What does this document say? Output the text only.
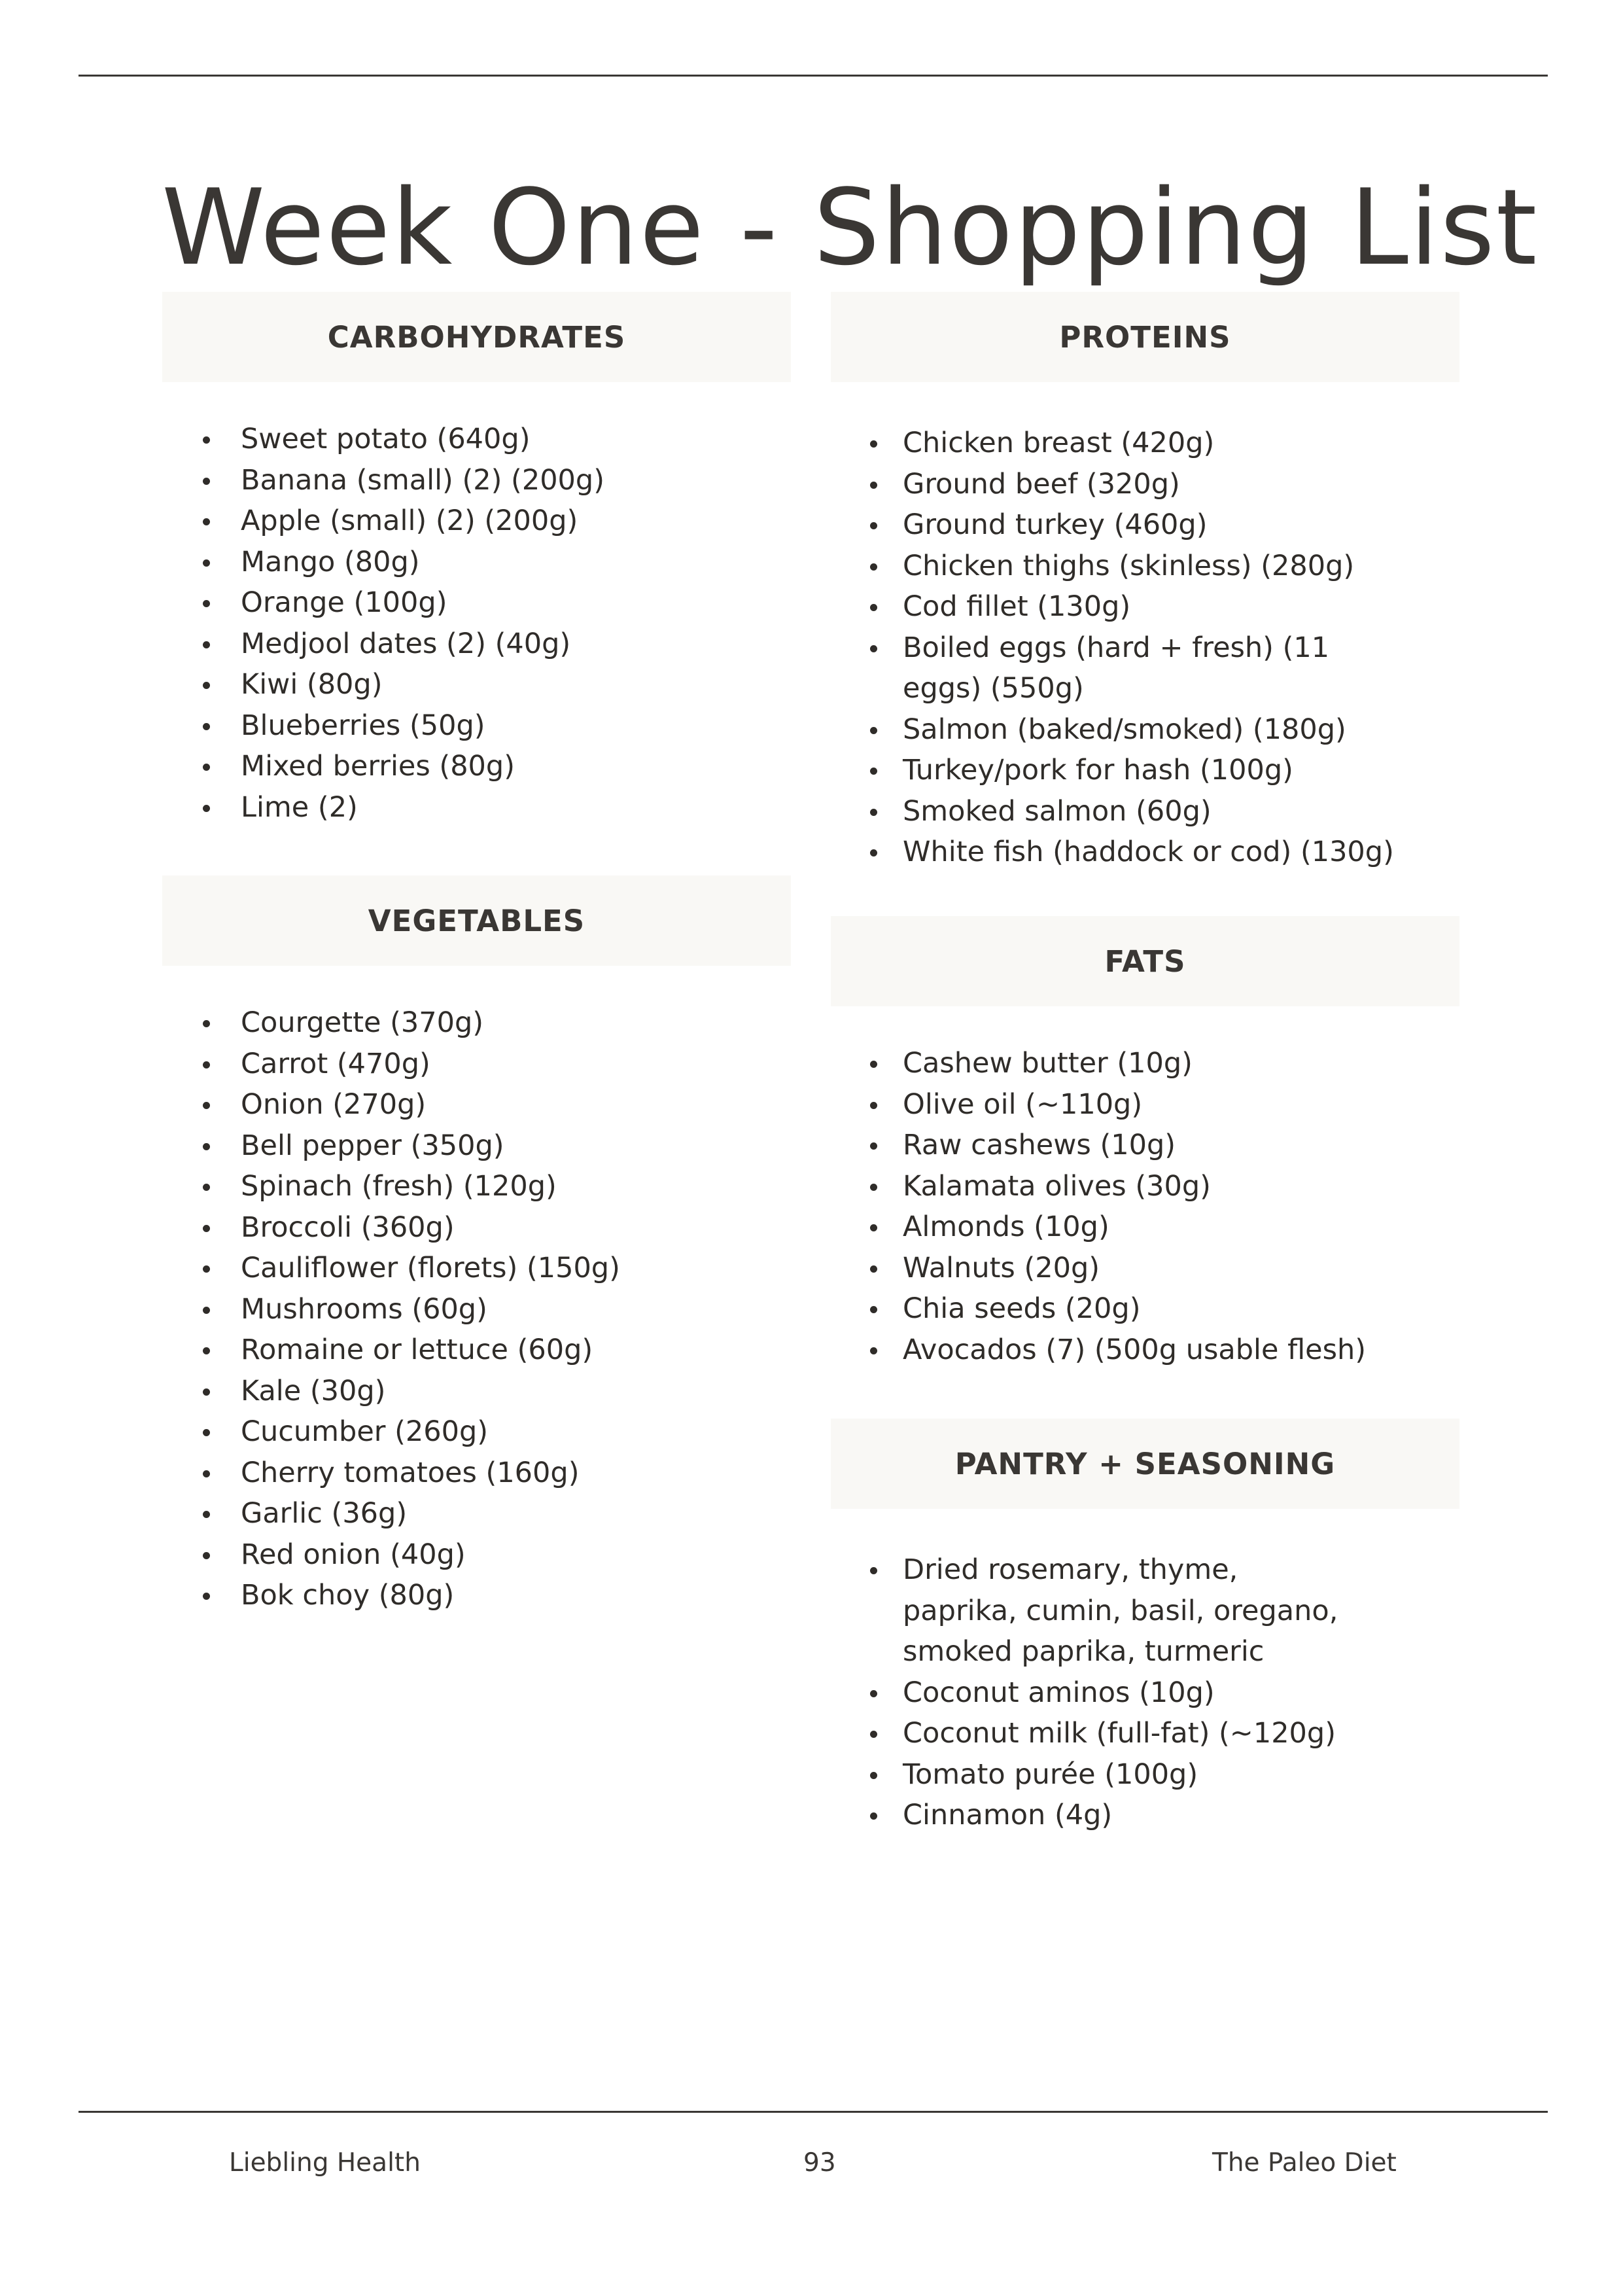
Week One - Shopping List
CARBOHYDRATES
Sweet potato (640g)
Banana (small) (2) (200g)
Apple (small) (2) (200g)
Mango (80g)
Orange (100g)
Medjool dates (2) (40g)
Kiwi (80g)
Blueberries (50g)
Mixed berries (80g)
Lime (2)
VEGETABLES
Courgette (370g)
Carrot (470g)
Onion (270g)
Bell pepper (350g)
Spinach (fresh) (120g)
Broccoli (360g)
Cauliflower (florets) (150g)
Mushrooms (60g)
Romaine or lettuce (60g)
Kale (30g)
Cucumber (260g)
Cherry tomatoes (160g)
Garlic (36g)
Red onion (40g)
Bok choy (80g)
PROTEINS
Chicken breast (420g)
Ground beef (320g)
Ground turkey (460g)
Chicken thighs (skinless) (280g)
Cod fillet (130g)
Boiled eggs (hard + fresh) (11 eggs) (550g)
Salmon (baked/smoked) (180g)
Turkey/pork for hash (100g)
Smoked salmon (60g)
White fish (haddock or cod) (130g)
FATS
Cashew butter (10g)
Olive oil (~110g)
Raw cashews (10g)
Kalamata olives (30g)
Almonds (10g)
Walnuts (20g)
Chia seeds (20g)
Avocados (7) (500g usable flesh)
PANTRY + SEASONING
Dried rosemary, thyme, paprika, cumin, basil, oregano, smoked paprika, turmeric
Coconut aminos (10g)
Coconut milk (full-fat) (~120g)
Tomato purée (100g)
Cinnamon (4g)
Liebling Health	93	The Paleo Diet
